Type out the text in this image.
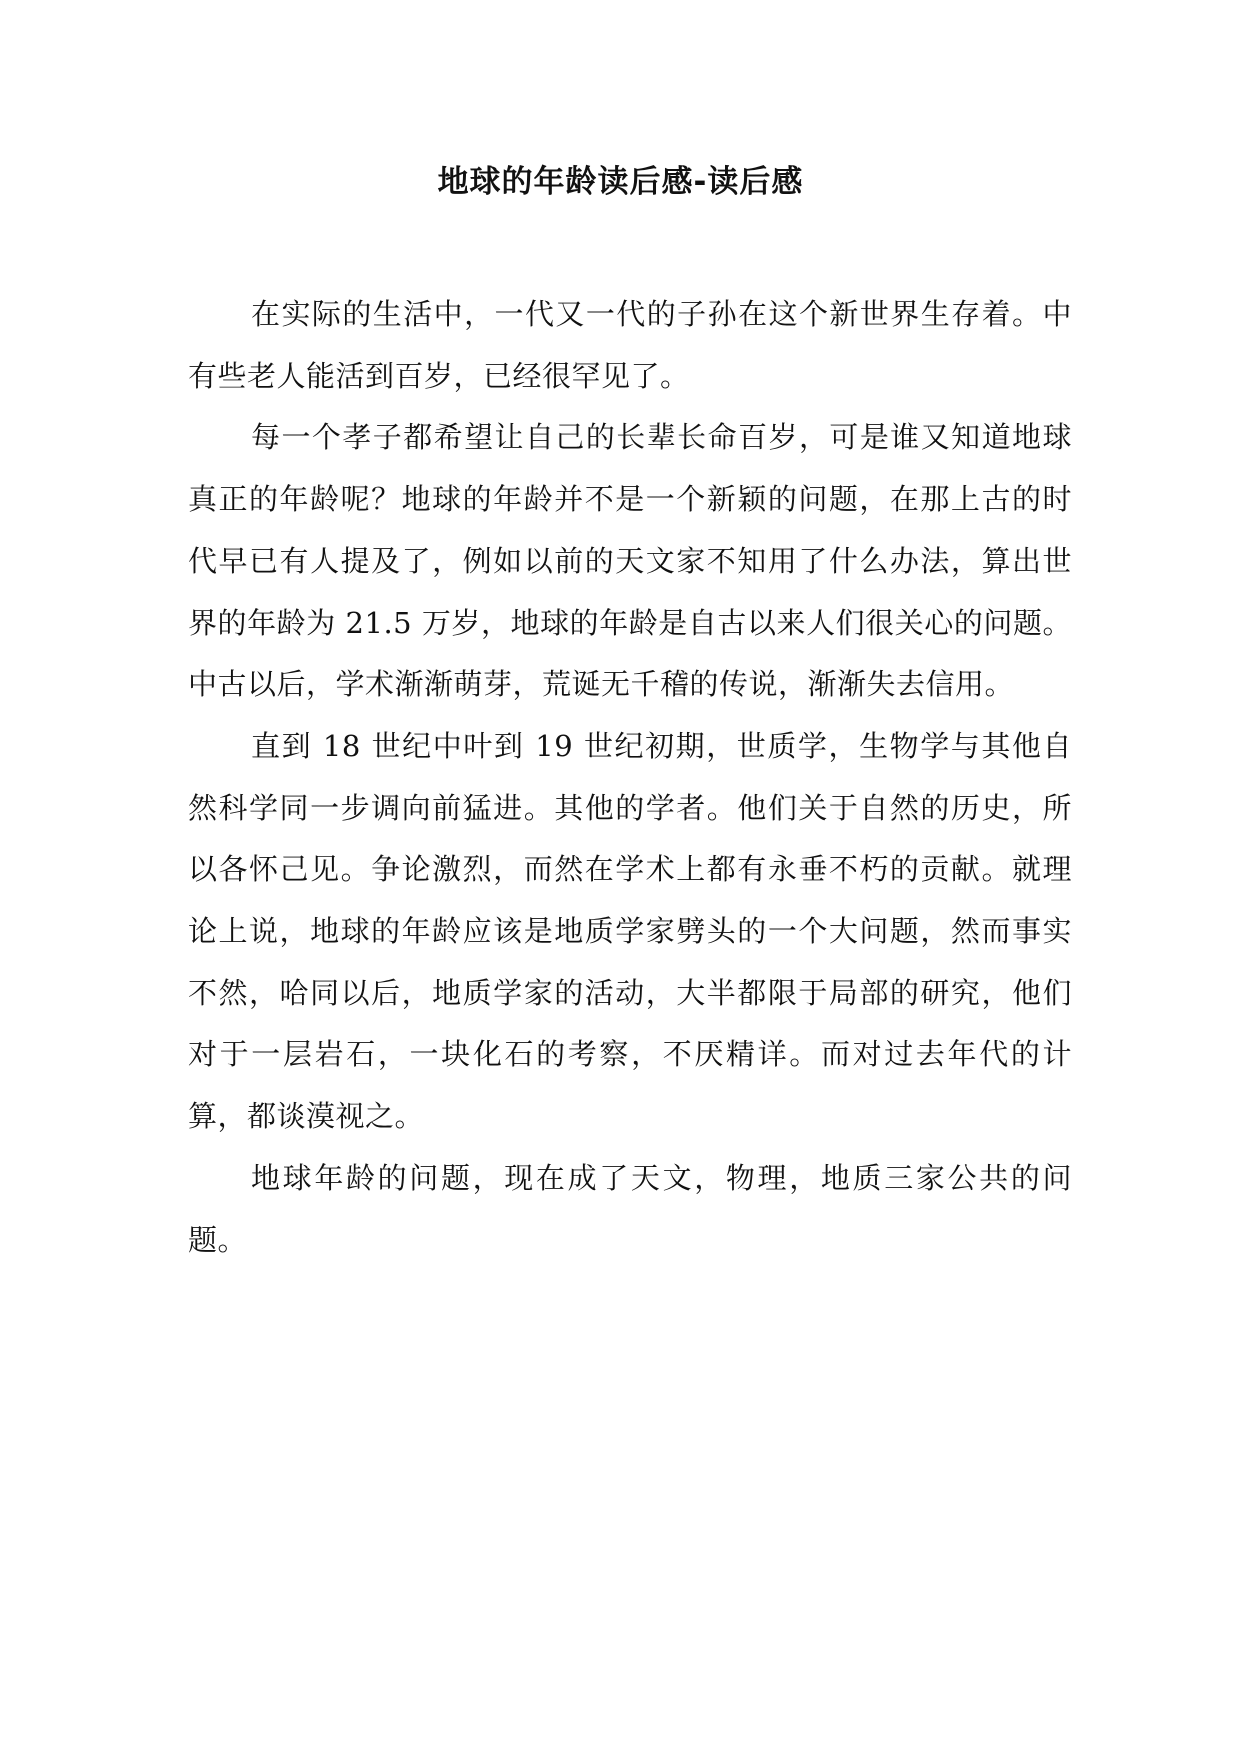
地球的年龄读后感-读后感

在实际的生活中，一代又一代的子孙在这个新世界生存着。中有些老人能活到百岁，已经很罕见了。

每一个孝子都希望让自己的长辈长命百岁，可是谁又知道地球真正的年龄呢？地球的年龄并不是一个新颖的问题，在那上古的时代早已有人提及了，例如以前的天文家不知用了什么办法，算出世界的年龄为 21.5 万岁，地球的年龄是自古以来人们很关心的问题。 中古以后，学术渐渐萌芽，荒诞无千稽的传说，渐渐失去信用。

直到 18 世纪中叶到 19 世纪初期，世质学，生物学与其他自然科学同一步调向前猛进。其他的学者。他们关于自然的历史，所以各怀己见。争论激烈，而然在学术上都有永垂不朽的贡献。就理论上说，地球的年龄应该是地质学家劈头的一个大问题，然而事实不然，哈同以后，地质学家的活动，大半都限于局部的研究，他们对于一层岩石，一块化石的考察，不厌精详。而对过去年代的计算，都谈漠视之。

地球年龄的问题，现在成了天文，物理，地质三家公共的问题。
